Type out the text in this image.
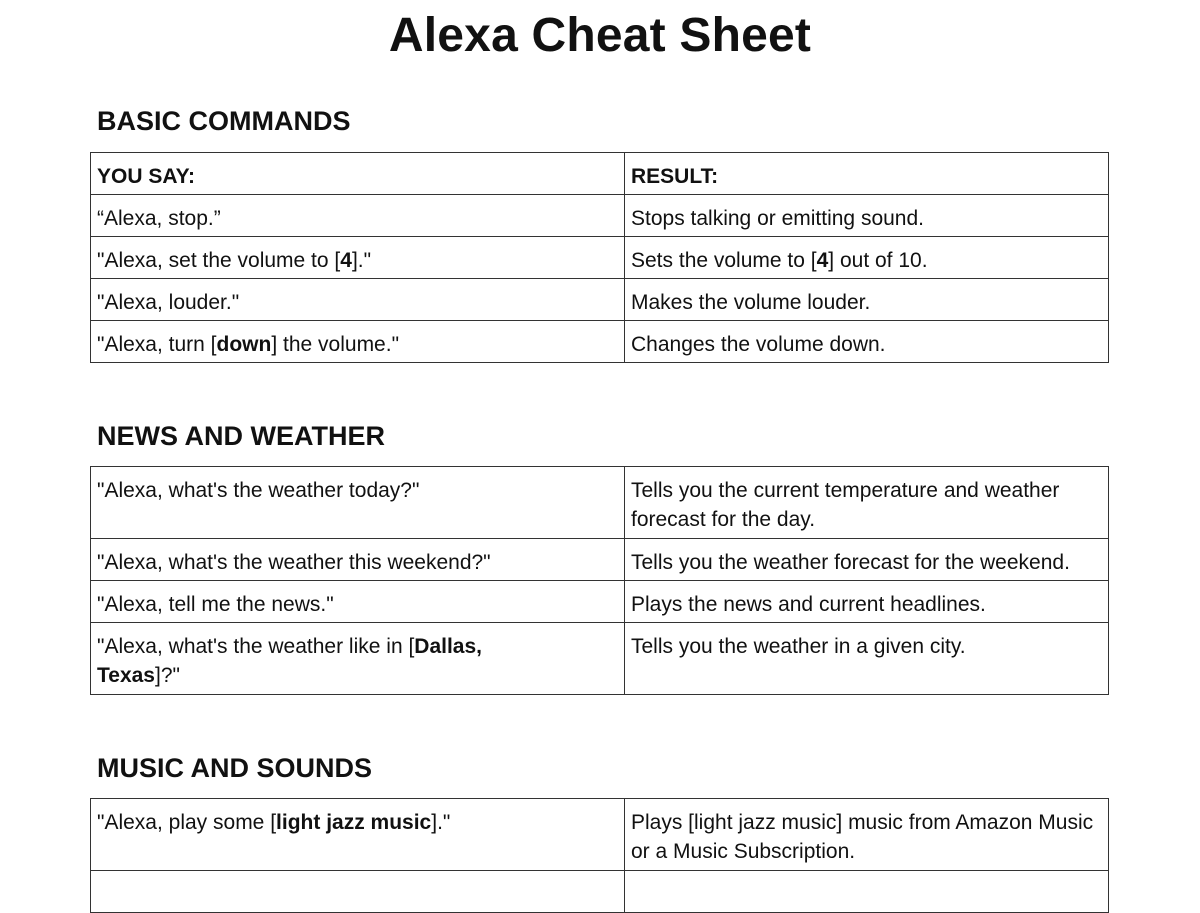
Alexa Cheat Sheet
BASIC COMMANDS
YOU SAY:	RESULT:
“Alexa, stop.”	Stops talking or emitting sound.
"Alexa, set the volume to [4]."	Sets the volume to [4] out of 10.
"Alexa, louder."	Makes the volume louder.
"Alexa, turn [down] the volume."	Changes the volume down.
NEWS AND WEATHER
"Alexa, what's the weather today?"	Tells you the current temperature and weather forecast for the day.
"Alexa, what's the weather this weekend?"	Tells you the weather forecast for the weekend.
"Alexa, tell me the news."	Plays the news and current headlines.
"Alexa, what's the weather like in [Dallas, Texas]?"	Tells you the weather in a given city.
MUSIC AND SOUNDS
"Alexa, play some [light jazz music]."	Plays [light jazz music] music from Amazon Music or a Music Subscription.
